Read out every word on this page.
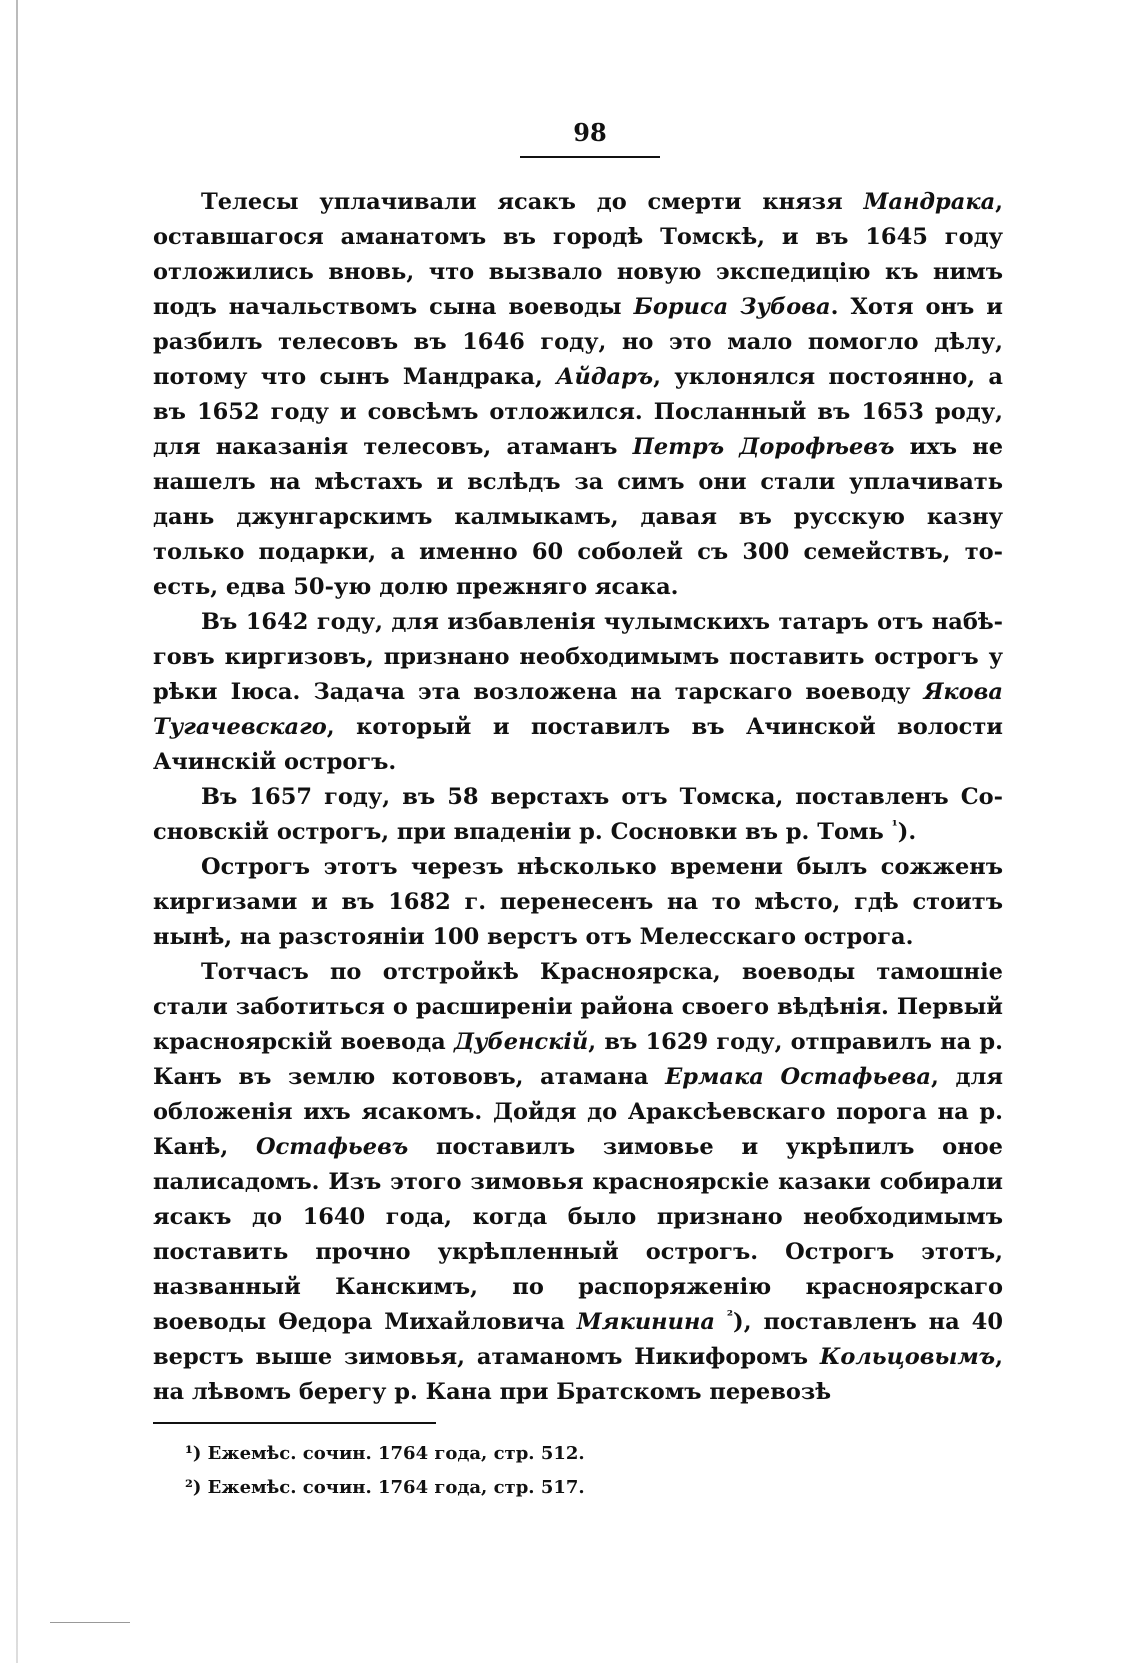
98

Телесы уплачивали ясакъ до смерти князя Мандрака, оставшагося аманатомъ въ городѣ Томскѣ, и въ 1645 году отложились вновь, что вызвало новую экспедицію къ нимъ подъ начальствомъ сына воеводы Бориса Зубова. Хотя онъ и разбилъ телесовъ въ 1646 году, но это мало помогло дѣлу, потому что сынъ Мандрака, Айдаръ, уклонялся постоянно, а въ 1652 году и совсѣмъ отложился. Посланный въ 1653 роду, для наказанія телесовъ, атаманъ Петръ Дорофѣевъ ихъ не нашелъ на мѣстахъ и вслѣдъ за симъ они стали уплачивать дань джунгарскимъ калмыкамъ, давая въ русскую казну только подарки, а именно 60 соболей съ 300 семействъ, то-есть, едва 50-ую долю прежняго ясака.

Въ 1642 году, для избавленія чулымскихъ татаръ отъ набѣговъ киргизовъ, признано необходимымъ поставить острогъ у рѣки Іюса. Задача эта возложена на тарскаго воеводу Якова Тугачевскаго, который и поставилъ въ Ачинской волости Ачинскій острогъ.

Въ 1657 году, въ 58 верстахъ отъ Томска, поставленъ Сосновскій острогъ, при впаденіи р. Сосновки въ р. Томь $^{^1}$).

Острогъ этотъ черезъ нѣсколько времени былъ сожженъ киргизами и въ 1682 г. перенесенъ на то мѣсто, гдѣ стоитъ нынѣ, на разстояніи 100 верстъ отъ Мелесскаго острога.

Тотчасъ по отстройкѣ Красноярска, воеводы тамошніе стали заботиться о расширеніи района своего вѣдѣнія. Первый красноярскій воевода Дубенскій, въ 1629 году, отправилъ на р. Канъ въ землю котововъ, атамана Ермака Остафьева, для обложенія ихъ ясакомъ. Дойдя до Араксѣевскаго порога на р. Канѣ, Остафьевъ поставилъ зимовье и укрѣпилъ оное палисадомъ. Изъ этого зимовья красноярскіе казаки собирали ясакъ до 1640 года, когда было признано необходимымъ поставить прочно укрѣпленный острогъ. Острогъ этотъ, названный Канскимъ, по распоряженію красноярскаго воеводы Ѳедора Михайловича Мякинина $^{^2}$), поставленъ на 40 верстъ выше зимовья, атаманомъ Никифоромъ Кольцовымъ, на лѣвомъ берегу р. Кана при Братскомъ перевозѣ

¹) Ежемѣс. сочин. 1764 года, стр. 512.
²) Ежемѣс. сочин. 1764 года, стр. 517.
